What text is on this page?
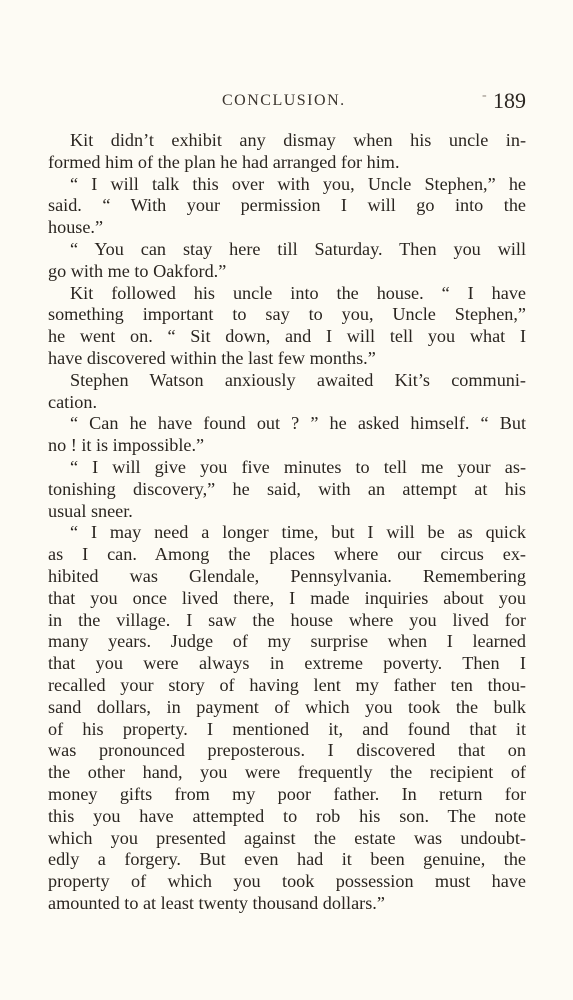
CONCLUSION.	- 189
Kit didn’t exhibit any dismay when his uncle in-
formed him of the plan he had arranged for him.
“ I will talk this over with you, Uncle Stephen,” he
said. “ With your permission I will go into the
house.”
“ You can stay here till Saturday. Then you will
go with me to Oakford.”
Kit followed his uncle into the house. “ I have
something important to say to you, Uncle Stephen,”
he went on. “ Sit down, and I will tell you what I
have discovered within the last few months.”
Stephen Watson anxiously awaited Kit’s communi-
cation.
“ Can he have found out ? ” he asked himself. “ But
no ! it is impossible.”
“ I will give you five minutes to tell me your as-
tonishing discovery,” he said, with an attempt at his
usual sneer.
“ I may need a longer time, but I will be as quick
as I can. Among the places where our circus ex-
hibited was Glendale, Pennsylvania. Remembering
that you once lived there, I made inquiries about you
in the village. I saw the house where you lived for
many years. Judge of my surprise when I learned
that you were always in extreme poverty. Then I
recalled your story of having lent my father ten thou-
sand dollars, in payment of which you took the bulk
of his property. I mentioned it, and found that it
was pronounced preposterous. I discovered that on
the other hand, you were frequently the recipient of
money gifts from my poor father. In return for
this you have attempted to rob his son. The note
which you presented against the estate was undoubt-
edly a forgery. But even had it been genuine, the
property of which you took possession must have
amounted to at least twenty thousand dollars.”
